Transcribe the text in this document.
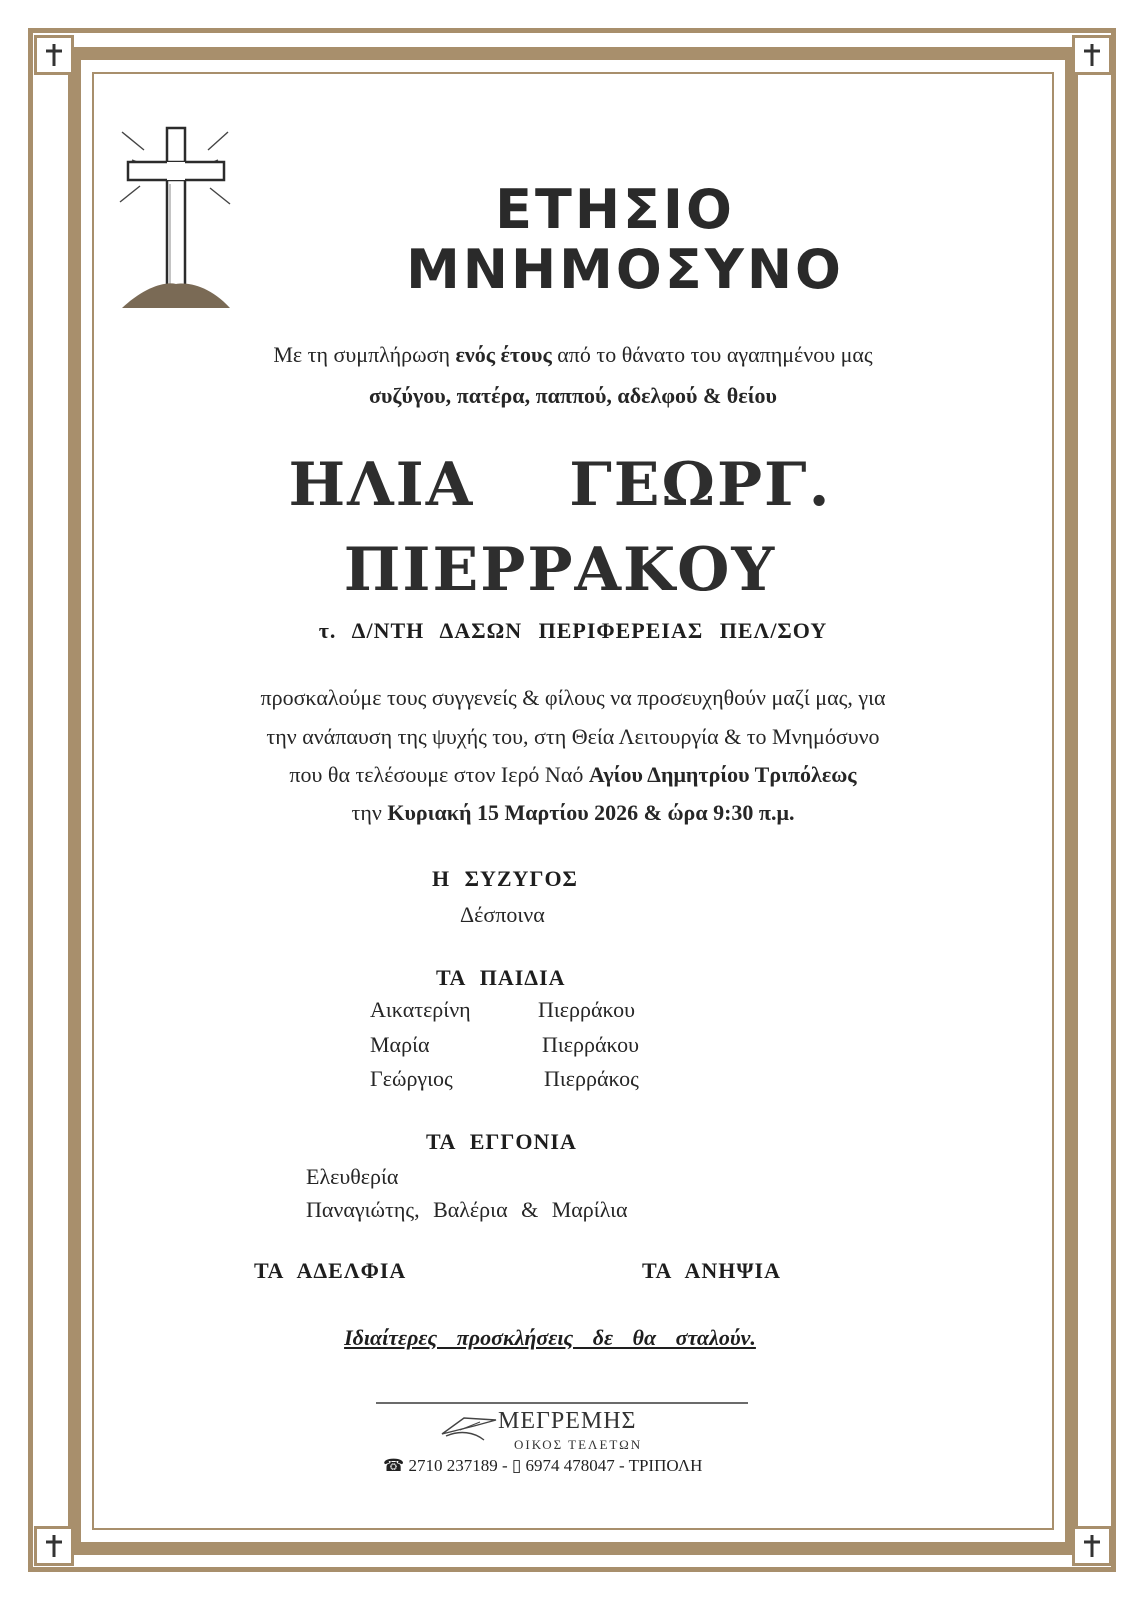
ΕΤΗΣΙΟ
ΜΝΗΜΟΣΥΝΟ
Με τη συμπλήρωση ενός έτους από το θάνατο του αγαπημένου μας
συζύγου, πατέρα, παππού, αδελφού & θείου
ΗΛΙΑ ΓΕΩΡΓ.
ΠΙΕΡΡΑΚΟΥ
τ. Δ/ΝΤΗ ΔΑΣΩΝ ΠΕΡΙΦΕΡΕΙΑΣ ΠΕΛ/ΣΟΥ
προσκαλούμε τους συγγενείς & φίλους να προσευχηθούν μαζί μας, για
την ανάπαυση της ψυχής του, στη Θεία Λειτουργία & το Μνημόσυνο
που θα τελέσουμε στον Ιερό Ναό Αγίου Δημητρίου Τριπόλεως
την Κυριακή 15 Μαρτίου 2026 & ώρα 9:30 π.μ.
Η ΣΥΖΥΓΟΣ
Δέσποινα
ΤΑ ΠΑΙΔΙΑ
Αικατερίνη	Πιερράκου
Μαρία	Πιερράκου
Γεώργιος	Πιερράκος
ΤΑ ΕΓΓΟΝΙΑ
Ελευθερία
Παναγιώτης, Βαλέρια & Μαρίλια
ΤΑ ΑΔΕΛΦΙΑ	ΤΑ ΑΝΗΨΙΑ
Ιδιαίτερες προσκλήσεις δε θα σταλούν.
ΜΕΓΡΕΜΗΣ
ΟΙΚΟΣ ΤΕΛΕΤΩΝ
☎ 2710 237189 - ▯ 6974 478047 - ΤΡΙΠΟΛΗ
